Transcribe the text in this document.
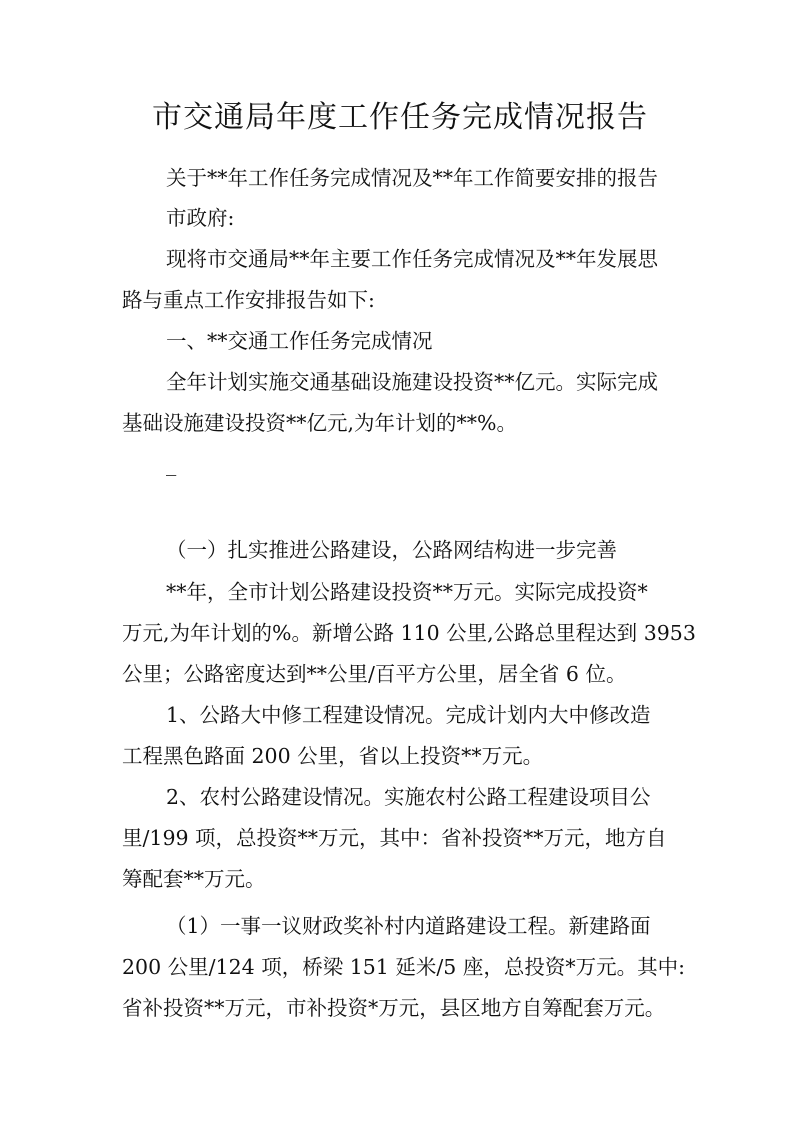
市交通局年度工作任务完成情况报告
关于**年工作任务完成情况及**年工作简要安排的报告
市政府:
现将市交通局**年主要工作任务完成情况及**年发展思
路与重点工作安排报告如下:
一、**交通工作任务完成情况
全年计划实施交通基础设施建设投资**亿元。实际完成
基础设施建设投资**亿元,为年计划的**%。
_
（一）扎实推进公路建设，公路网结构进一步完善
**年，全市计划公路建设投资**万元。实际完成投资*
万元,为年计划的%。新增公路 110 公里,公路总里程达到 3953
公里；公路密度达到**公里/百平方公里，居全省 6 位。
1、公路大中修工程建设情况。完成计划内大中修改造
工程黑色路面 200 公里，省以上投资**万元。
2、农村公路建设情况。实施农村公路工程建设项目公
里/199 项，总投资**万元，其中：省补投资**万元，地方自
筹配套**万元。
（1）一事一议财政奖补村内道路建设工程。新建路面
200 公里/124 项，桥梁 151 延米/5 座，总投资*万元。其中:
省补投资**万元，市补投资*万元，县区地方自筹配套万元。
